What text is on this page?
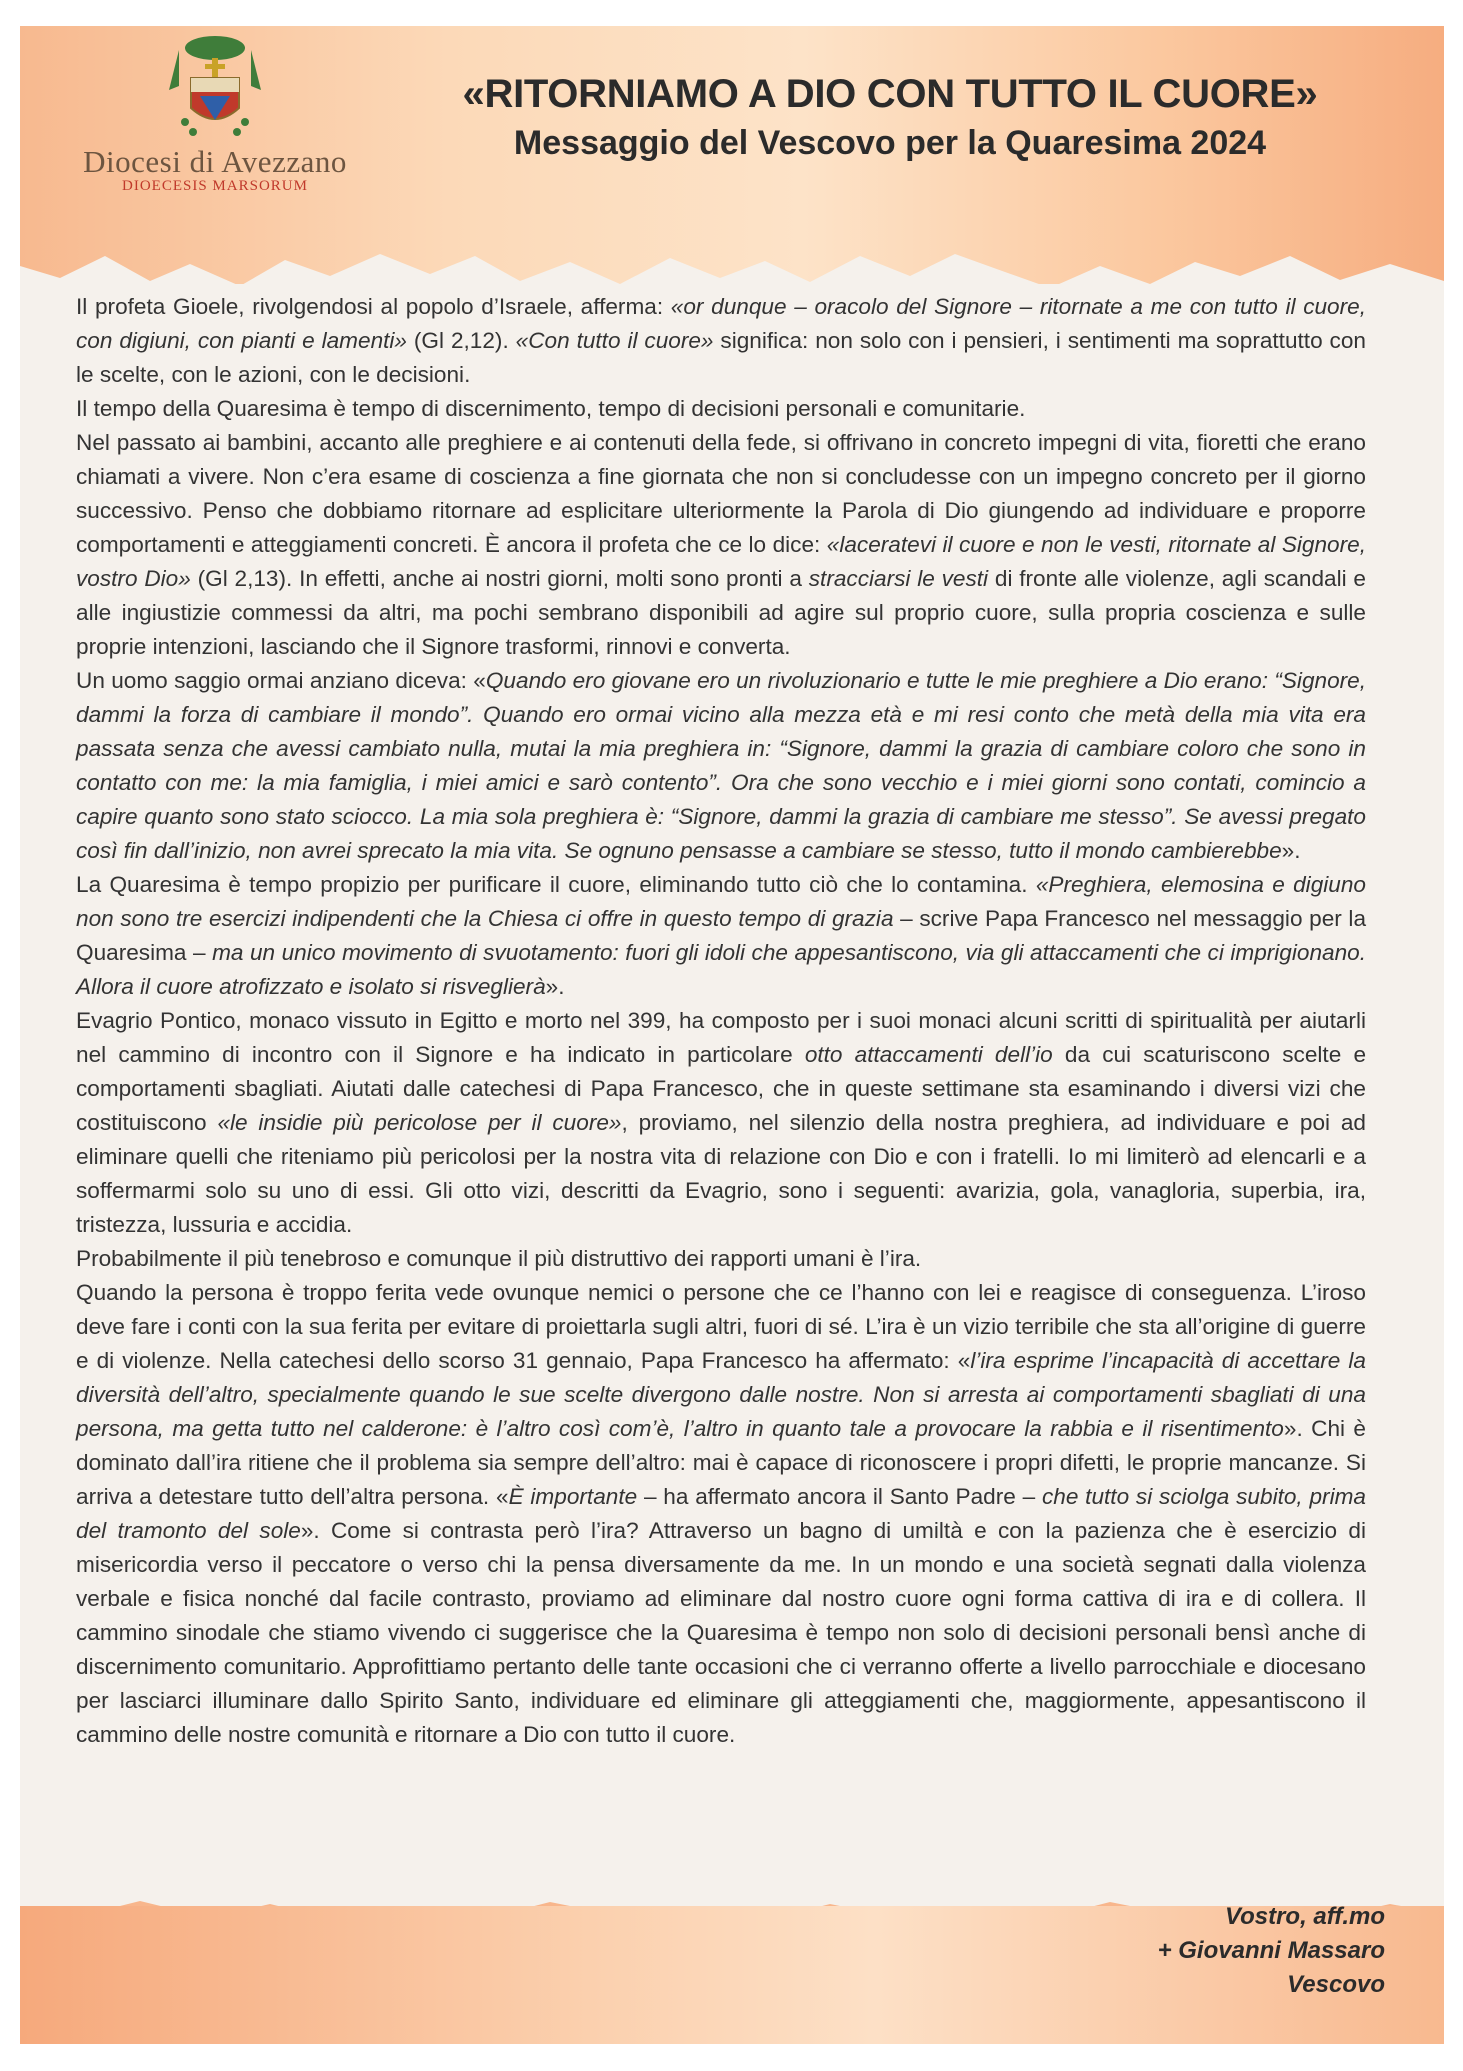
Diocesi di Avezzano
DIOECESIS MARSORUM
«RITORNIAMO A DIO CON TUTTO IL CUORE»
Messaggio del Vescovo per la Quaresima 2024

Il profeta Gioele, rivolgendosi al popolo d’Israele, afferma: «or dunque – oracolo del Signore – ritornate a me con tutto il cuore, con digiuni, con pianti e lamenti» (Gl 2,12). «Con tutto il cuore» significa: non solo con i pensieri, i sentimenti ma soprattutto con le scelte, con le azioni, con le decisioni.

Il tempo della Quaresima è tempo di discernimento, tempo di decisioni personali e comunitarie.

Nel passato ai bambini, accanto alle preghiere e ai contenuti della fede, si offrivano in concreto impegni di vita, fioretti che erano chiamati a vivere. Non c’era esame di coscienza a fine giornata che non si concludesse con un impegno concreto per il giorno successivo. Penso che dobbiamo ritornare ad esplicitare ulteriormente la Parola di Dio giungendo ad individuare e proporre comportamenti e atteggiamenti concreti. È ancora il profeta che ce lo dice: «laceratevi il cuore e non le vesti, ritornate al Signore, vostro Dio» (Gl 2,13). In effetti, anche ai nostri giorni, molti sono pronti a stracciarsi le vesti di fronte alle violenze, agli scandali e alle ingiustizie commessi da altri, ma pochi sembrano disponibili ad agire sul proprio cuore, sulla propria coscienza e sulle proprie intenzioni, lasciando che il Signore trasformi, rinnovi e converta.

Un uomo saggio ormai anziano diceva: «Quando ero giovane ero un rivoluzionario e tutte le mie preghiere a Dio erano: “Signore, dammi la forza di cambiare il mondo”. Quando ero ormai vicino alla mezza età e mi resi conto che metà della mia vita era passata senza che avessi cambiato nulla, mutai la mia preghiera in: “Signore, dammi la grazia di cambiare coloro che sono in contatto con me: la mia famiglia, i miei amici e sarò contento”. Ora che sono vecchio e i miei giorni sono contati, comincio a capire quanto sono stato sciocco. La mia sola preghiera è: “Signore, dammi la grazia di cambiare me stesso”. Se avessi pregato così fin dall’inizio, non avrei sprecato la mia vita. Se ognuno pensasse a cambiare se stesso, tutto il mondo cambierebbe».

La Quaresima è tempo propizio per purificare il cuore, eliminando tutto ciò che lo contamina. «Preghiera, elemosina e digiuno non sono tre esercizi indipendenti che la Chiesa ci offre in questo tempo di grazia – scrive Papa Francesco nel messaggio per la Quaresima – ma un unico movimento di svuotamento: fuori gli idoli che appesantiscono, via gli attaccamenti che ci imprigionano. Allora il cuore atrofizzato e isolato si risveglierà».

Evagrio Pontico, monaco vissuto in Egitto e morto nel 399, ha composto per i suoi monaci alcuni scritti di spiritualità per aiutarli nel cammino di incontro con il Signore e ha indicato in particolare otto attaccamenti dell’io da cui scaturiscono scelte e comportamenti sbagliati. Aiutati dalle catechesi di Papa Francesco, che in queste settimane sta esaminando i diversi vizi che costituiscono «le insidie più pericolose per il cuore», proviamo, nel silenzio della nostra preghiera, ad individuare e poi ad eliminare quelli che riteniamo più pericolosi per la nostra vita di relazione con Dio e con i fratelli. Io mi limiterò ad elencarli e a soffermarmi solo su uno di essi. Gli otto vizi, descritti da Evagrio, sono i seguenti: avarizia, gola, vanagloria, superbia, ira, tristezza, lussuria e accidia.

Probabilmente il più tenebroso e comunque il più distruttivo dei rapporti umani è l’ira.

Quando la persona è troppo ferita vede ovunque nemici o persone che ce l’hanno con lei e reagisce di conseguenza. L’iroso deve fare i conti con la sua ferita per evitare di proiettarla sugli altri, fuori di sé. L’ira è un vizio terribile che sta all’origine di guerre e di violenze. Nella catechesi dello scorso 31 gennaio, Papa Francesco ha affermato: «l’ira esprime l’incapacità di accettare la diversità dell’altro, specialmente quando le sue scelte divergono dalle nostre. Non si arresta ai comportamenti sbagliati di una persona, ma getta tutto nel calderone: è l’altro così com’è, l’altro in quanto tale a provocare la rabbia e il risentimento». Chi è dominato dall’ira ritiene che il problema sia sempre dell’altro: mai è capace di riconoscere i propri difetti, le proprie mancanze. Si arriva a detestare tutto dell’altra persona. «È importante – ha affermato ancora il Santo Padre – che tutto si sciolga subito, prima del tramonto del sole». Come si contrasta però l’ira? Attraverso un bagno di umiltà e con la pazienza che è esercizio di misericordia verso il peccatore o verso chi la pensa diversamente da me. In un mondo e una società segnati dalla violenza verbale e fisica nonché dal facile contrasto, proviamo ad eliminare dal nostro cuore ogni forma cattiva di ira e di collera. Il cammino sinodale che stiamo vivendo ci suggerisce che la Quaresima è tempo non solo di decisioni personali bensì anche di discernimento comunitario. Approfittiamo pertanto delle tante occasioni che ci verranno offerte a livello parrocchiale e diocesano per lasciarci illuminare dallo Spirito Santo, individuare ed eliminare gli atteggiamenti che, maggiormente, appesantiscono il cammino delle nostre comunità e ritornare a Dio con tutto il cuore.

Vostro, aff.mo
+ Giovanni Massaro
Vescovo
